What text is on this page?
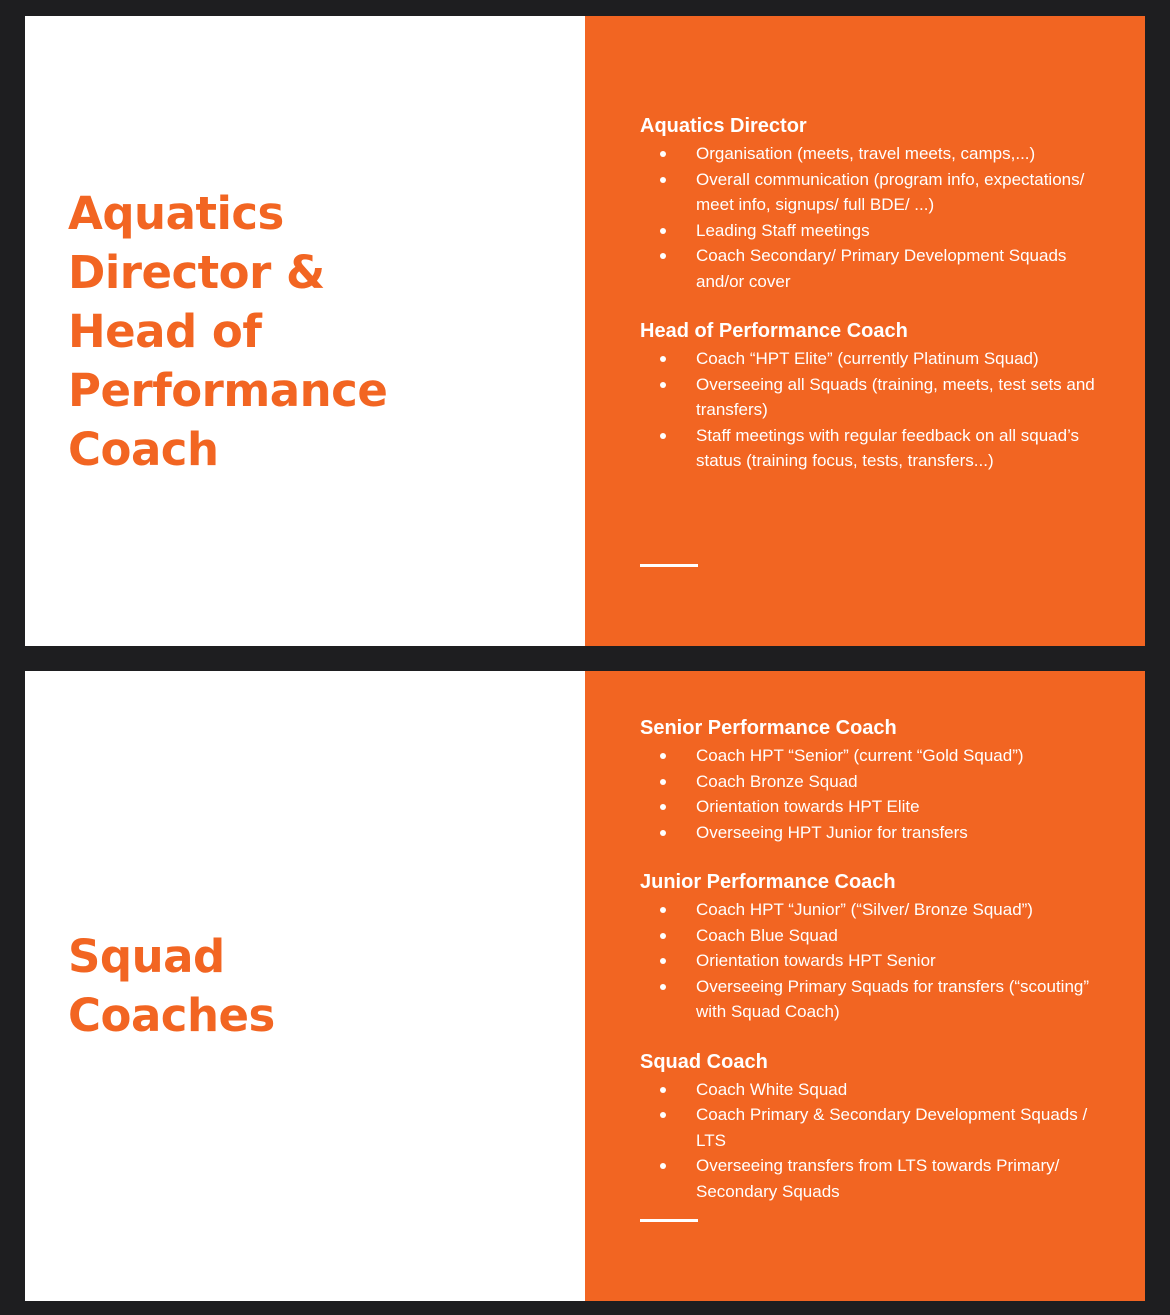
Aquatics Director & Head of Performance Coach
Aquatics Director
Organisation (meets, travel meets, camps,...)
Overall communication (program info, expectations/ meet info, signups/ full BDE/ ...)
Leading Staff meetings
Coach Secondary/ Primary Development Squads and/or cover
Head of Performance Coach
Coach “HPT Elite” (currently Platinum Squad)
Overseeing all Squads (training, meets, test sets and transfers)
Staff meetings with regular feedback on all squad’s status (training focus, tests, transfers...)
Squad Coaches
Senior Performance Coach
Coach HPT “Senior” (current “Gold Squad”)
Coach Bronze Squad
Orientation towards HPT Elite
Overseeing HPT Junior for transfers
Junior Performance Coach
Coach HPT “Junior” (“Silver/ Bronze Squad”)
Coach Blue Squad
Orientation towards HPT Senior
Overseeing Primary Squads for transfers (“scouting” with Squad Coach)
Squad Coach
Coach White Squad
Coach Primary & Secondary Development Squads / LTS
Overseeing transfers from LTS towards Primary/ Secondary Squads
